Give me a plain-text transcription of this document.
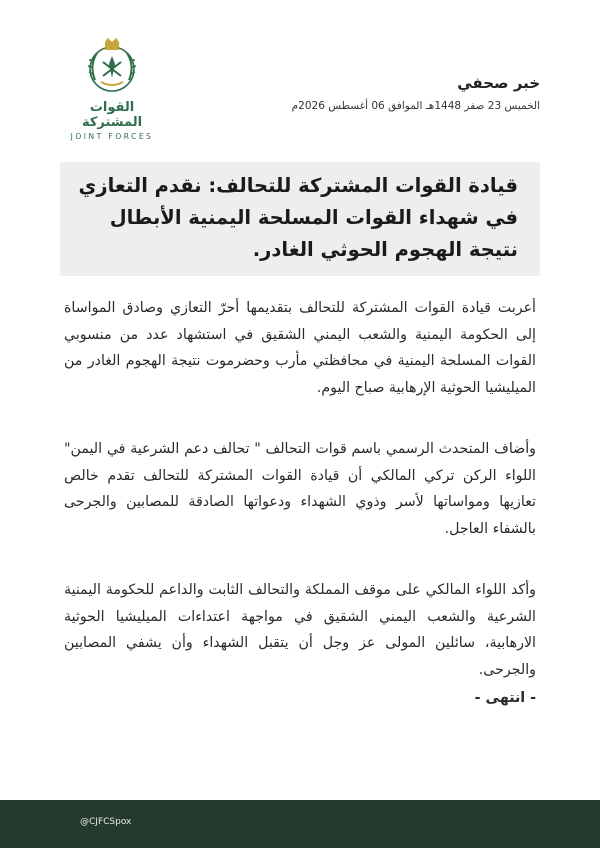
القوات المشتركة
JOINT FORCES
خبر صحفي
الخميس 23 صفر 1448هـ الموافق 06 أغسطس 2026م
قيادة القوات المشتركة للتحالف: نقدم التعازي في شهداء القوات المسلحة اليمنية الأبطال نتيجة الهجوم الحوثي الغادر.

أعربت قيادة القوات المشتركة للتحالف بتقديمها أحرّ التعازي وصادق المواساة إلى الحكومة اليمنية والشعب اليمني الشقيق في استشهاد عدد من منسوبي القوات المسلحة اليمنية في محافظتي مأرب وحضرموت نتيجة الهجوم الغادر من الميليشيا الحوثية الإرهابية صباح اليوم.

وأضاف المتحدث الرسمي باسم قوات التحالف " تحالف دعم الشرعية في اليمن" اللواء الركن تركي المالكي أن قيادة القوات المشتركة للتحالف تقدم خالص تعازيها ومواساتها لأسر وذوي الشهداء ودعواتها الصادقة للمصابين والجرحى بالشفاء العاجل.

وأكد اللواء المالكي على موقف المملكة والتحالف الثابت والداعم للحكومة اليمنية الشرعية والشعب اليمني الشقيق في مواجهة اعتداءات الميليشيا الحوثية الارهابية، سائلين المولى عز وجل أن يتقبل الشهداء وأن يشفي المصابين والجرحى.

- انتهى -

@CJFCSpox
